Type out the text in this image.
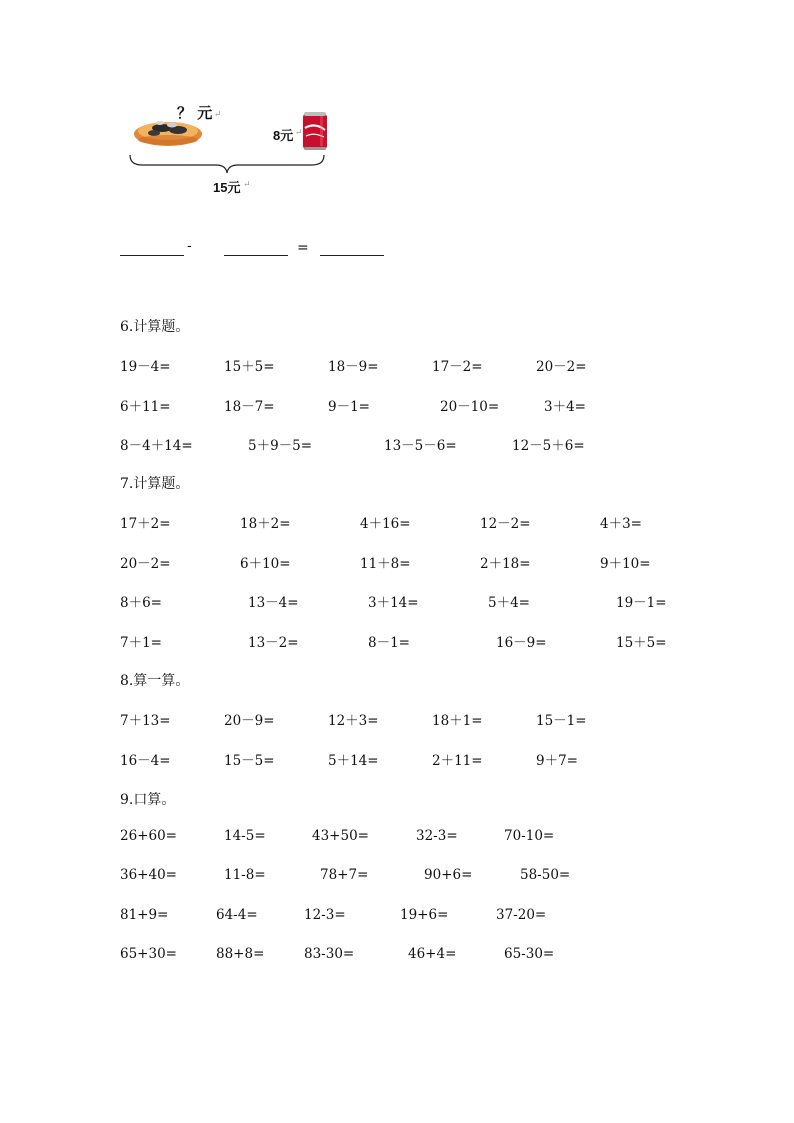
？ 元 ↵
8元 ↵
15元 ↵
-	=
6.计算题。
19－4=	15＋5=	18－9=	17－2=	20－2=
6＋11=	18－7=	9－1=	20－10=	3＋4=
8－4＋14=	5＋9－5=	13－5－6=	12－5＋6=
7.计算题。
17＋2=	18＋2=	4＋16=	12－2=	4＋3=
20－2=	6＋10=	11＋8=	2＋18=	9＋10=
8＋6=	13－4=	3＋14=	5＋4=	19－1=
7＋1=	13－2=	8－1=	16－9=	15＋5=
8.算一算。
7＋13=	20－9=	12＋3=	18＋1=	15－1=
16－4=	15－5=	5＋14=	2＋11=	9＋7=
9.口算。
26+60=	14-5=	43+50=	32-3=	70-10=
36+40=	11-8=	78+7=	90+6=	58-50=
81+9=	64-4=	12-3=	19+6=	37-20=
65+30=	88+8=	83-30=	46+4=	65-30=
